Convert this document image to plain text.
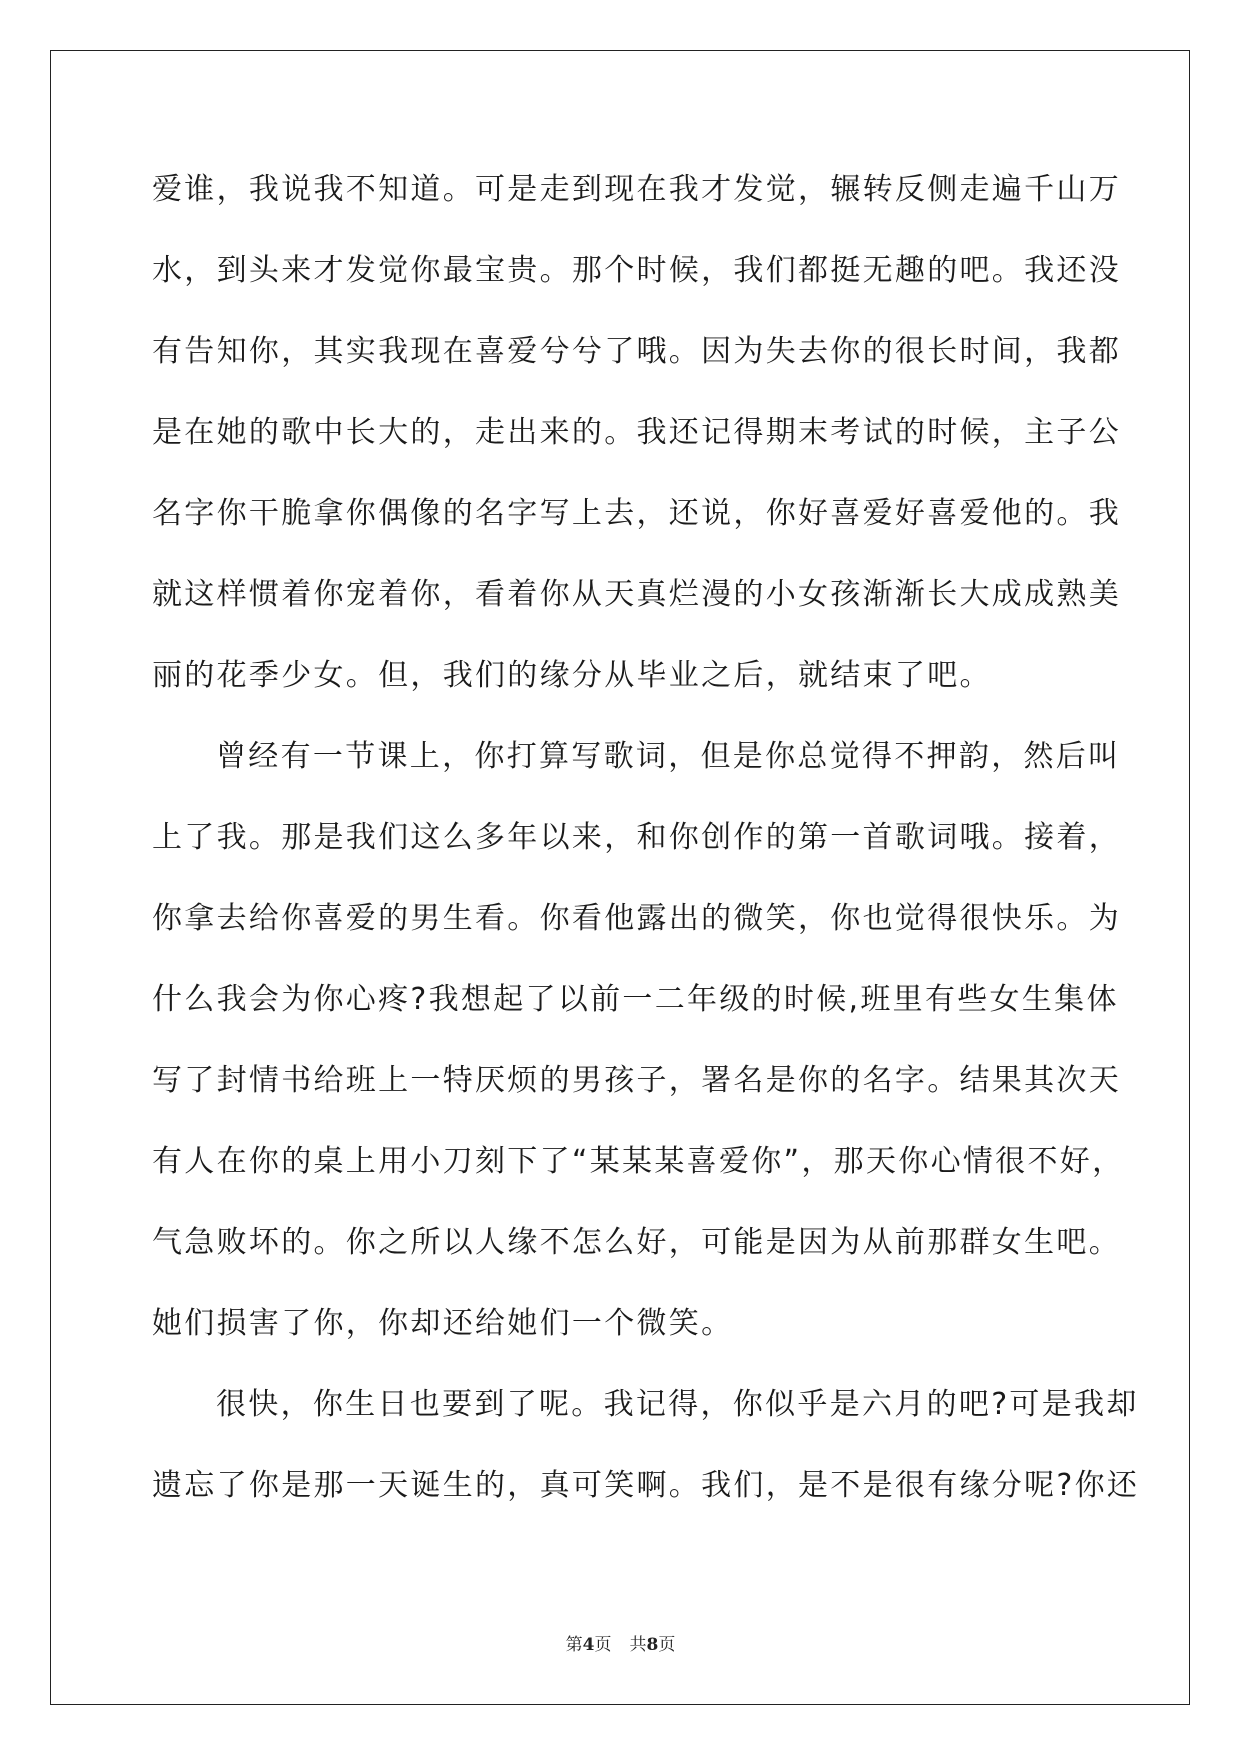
爱谁，我说我不知道。可是走到现在我才发觉，辗转反侧走遍千山万
水，到头来才发觉你最宝贵。那个时候，我们都挺无趣的吧。我还没
有告知你，其实我现在喜爱兮兮了哦。因为失去你的很长时间，我都
是在她的歌中长大的，走出来的。我还记得期末考试的时候，主子公
名字你干脆拿你偶像的名字写上去，还说，你好喜爱好喜爱他的。我
就这样惯着你宠着你，看着你从天真烂漫的小女孩渐渐长大成成熟美
丽的花季少女。但，我们的缘分从毕业之后，就结束了吧。
曾经有一节课上，你打算写歌词，但是你总觉得不押韵，然后叫
上了我。那是我们这么多年以来，和你创作的第一首歌词哦。接着，
你拿去给你喜爱的男生看。你看他露出的微笑，你也觉得很快乐。为
什么我会为你心疼?我想起了以前一二年级的时候,班里有些女生集体
写了封情书给班上一特厌烦的男孩子，署名是你的名字。结果其次天
有人在你的桌上用小刀刻下了“某某某喜爱你”，那天你心情很不好，
气急败坏的。你之所以人缘不怎么好，可能是因为从前那群女生吧。
她们损害了你，你却还给她们一个微笑。
很快，你生日也要到了呢。我记得，你似乎是六月的吧?可是我却
遗忘了你是那一天诞生的，真可笑啊。我们，是不是很有缘分呢?你还
第4页 共8页
